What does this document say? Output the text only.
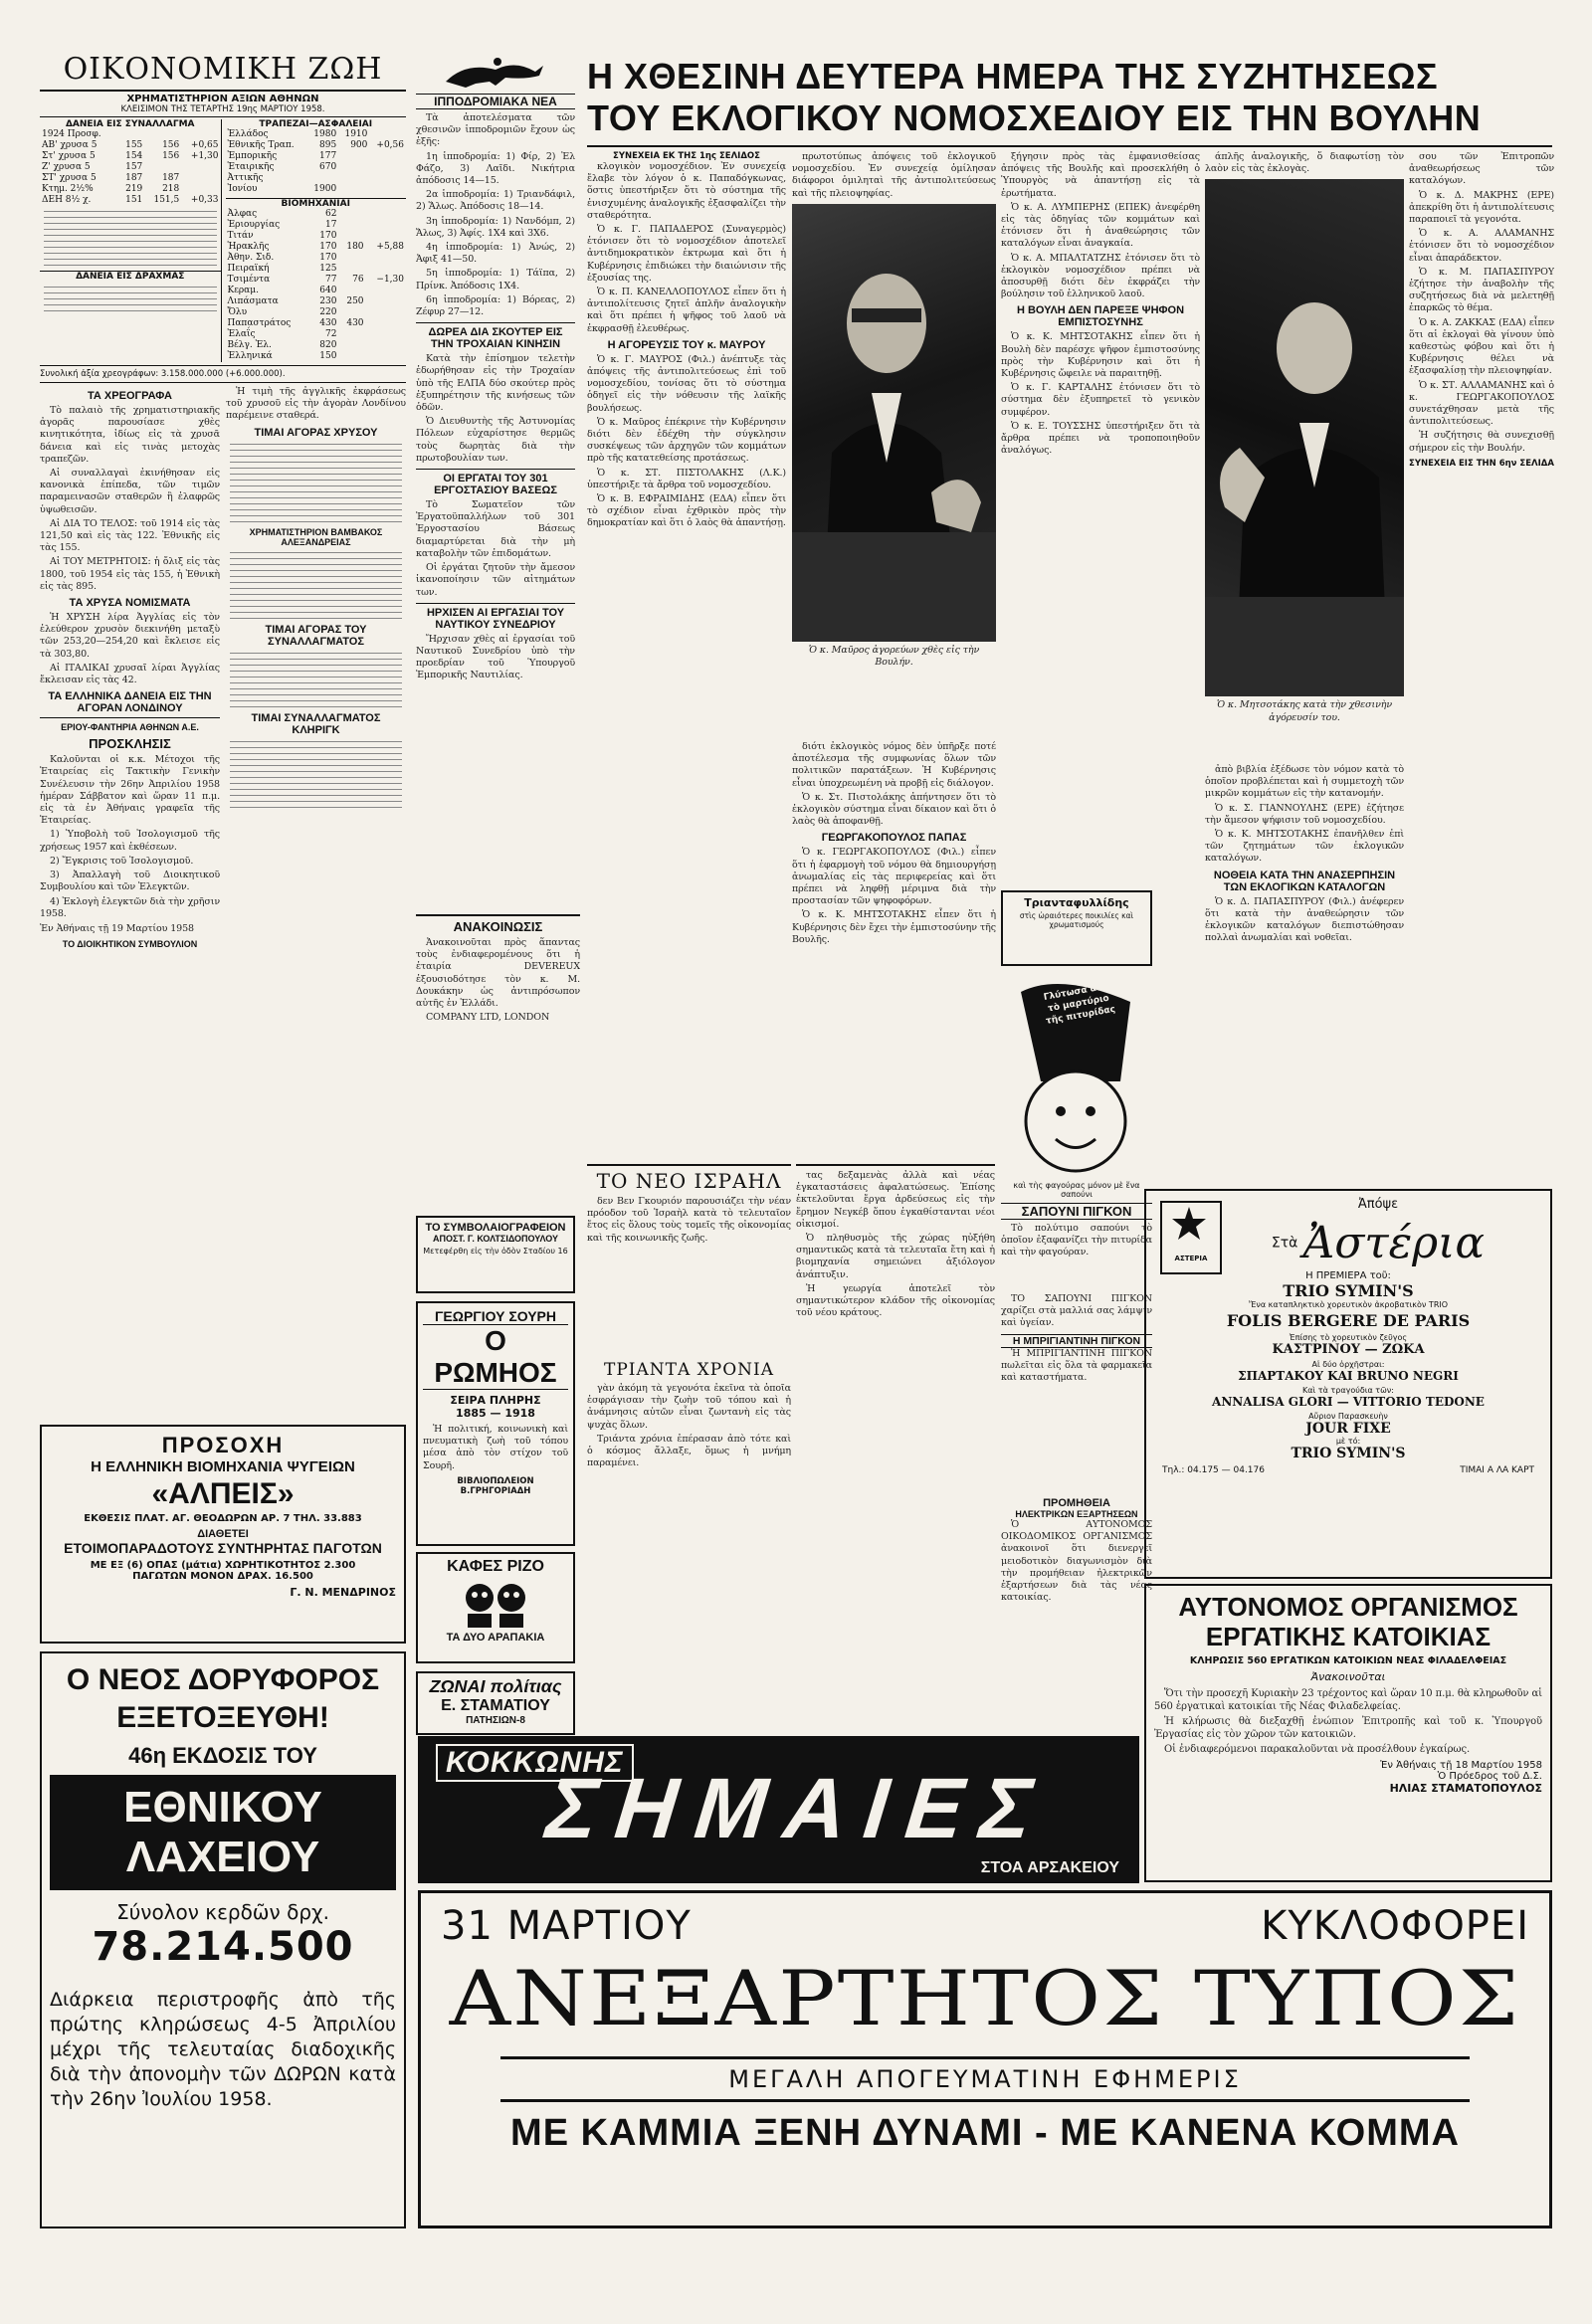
ΟΙΚΟΝΟΜΙΚΗ ΖΩΗ
ΧΡΗΜΑΤΙΣΤΗΡΙΟΝ ΑΞΙΩΝ ΑΘΗΝΩΝ
ΚΛΕΙΣΙΜΟΝ ΤΗΣ ΤΕΤΑΡΤΗΣ 19ης ΜΑΡΤΙΟΥ 1958.
ΔΑΝΕΙΑ ΕΙΣ ΣΥΝΑΛΛΑΓΜΑ
1924 Προσφ.			
ΑΒ' χρυσα 5	155	156	+0,65
Στ' χρυσα 5	154	156	+1,30
Ζ' χρυσα 5	157		
ΣΤ' χρυσα 5	187	187	
Κτημ. 2½%	219	218	
ΔΕΗ 8½ χ.	151	151,5	+0,33
ΔΑΝΕΙΑ ΕΙΣ ΔΡΑΧΜΑΣ
ΤΡΑΠΕΖΑΙ—ΑΣΦΑΛΕΙΑΙ
Ἐλλάδος	1980	1910	
Ἐθνικῆς Τραπ.	895	900	+0,56
Ἐμπορικῆς	177		
Ἑταιρικῆς	670		
Ἀττικῆς			
Ἰονίου	1900		
ΒΙΟΜΗΧΑΝΙΑΙ
Ἀλφας	62		
Ἐριουργίας	17		
Τιτάν	170		
Ἡρακλῆς	170	180	+5,88
Ἀθην. Σιδ.	170		
Πειραϊκή	125		
Τσιμέντα	77	76	−1,30
Κεραμ.	640		
Λιπάσματα	230	250	
Ὄλυ	220		
Παπαστράτος	430	430	
Ἐλαΐς	72		
Βέλγ. Ἐλ.	820		
Ἐλληνικά	150		
Συνολική ἀξία χρεογράφων: 3.158.000.000 (+6.000.000).
ΤΑ ΧΡΕΟΓΡΑΦΑ

Τὸ παλαιὸ τῆς χρηματιστηριακῆς ἀγορᾶς παρουσίασε χθὲς κινητικότητα, ἰδίως εἰς τὰ χρυσᾶ δάνεια καὶ εἰς τινὰς μετοχὰς τραπεζῶν.

Αἱ συναλλαγαὶ ἐκινήθησαν εἰς κανονικὰ ἐπίπεδα, τῶν τιμῶν παραμεινασῶν σταθερῶν ἢ ἐλαφρῶς ὑψωθεισῶν.

Αἱ ΔΙΑ ΤΟ ΤΕΛΟΣ: τοῦ 1914 εἰς τὰς 121,50 καὶ εἰς τὰς 122. Ἐθνικῆς εἰς τὰς 155.

Αἱ ΤΟΥ ΜΕΤΡΗΤΟΙΣ: ἡ ὄλιξ εἰς τὰς 1800, τοῦ 1954 εἰς τὰς 155, ἡ Ἐθνικὴ εἰς τὰς 895.

ΤΑ ΧΡΥΣΑ ΝΟΜΙΣΜΑΤΑ

Ἡ ΧΡΥΣΗ λίρα Ἀγγλίας εἰς τὸν ἐλεύθερον χρυσὸν διεκινήθη μεταξὺ τῶν 253,20—254,20 καὶ ἔκλεισε εἰς τὰ 303,80.

Αἱ ΙΤΑΛΙΚΑΙ χρυσαῖ λίραι Ἀγγλίας ἔκλεισαν εἰς τὰς 42.

ΤΑ ΕΛΛΗΝΙΚΑ ΔΑΝΕΙΑ ΕΙΣ ΤΗΝ ΑΓΟΡΑΝ ΛΟΝΔΙΝΟΥ
ΕΡΙΟΥ-ΦΑΝΤΗΡΙΑ ΑΘΗΝΩΝ Α.Ε.
ΠΡΟΣΚΛΗΣΙΣ

Καλοῦνται οἱ κ.κ. Μέτοχοι τῆς Ἑταιρείας εἰς Τακτικὴν Γενικὴν Συνέλευσιν τὴν 26ην Ἀπριλίου 1958 ἡμέραν Σάββατον καὶ ὥραν 11 π.μ. εἰς τὰ ἐν Ἀθήναις γραφεῖα τῆς Ἑταιρείας.

1) Ὑποβολὴ τοῦ Ἰσολογισμοῦ τῆς χρήσεως 1957 καὶ ἐκθέσεων.

2) Ἔγκρισις τοῦ Ἰσολογισμοῦ.

3) Ἀπαλλαγὴ τοῦ Διοικητικοῦ Συμβουλίου καὶ τῶν Ἐλεγκτῶν.

4) Ἐκλογὴ ἐλεγκτῶν διὰ τὴν χρῆσιν 1958.

Ἐν Ἀθήναις τῇ 19 Μαρτίου 1958
ΤΟ ΔΙΟΙΚΗΤΙΚΟΝ ΣΥΜΒΟΥΛΙΟΝ

Ἡ τιμὴ τῆς ἀγγλικῆς ἐκφράσεως τοῦ χρυσοῦ εἰς τὴν ἀγορὰν Λονδίνου παρέμεινε σταθερά.

ΤΙΜΑΙ ΑΓΟΡΑΣ ΧΡΥΣΟΥ
ΧΡΗΜΑΤΙΣΤΗΡΙΟΝ ΒΑΜΒΑΚΟΣ ΑΛΕΞΑΝΔΡΕΙΑΣ
ΤΙΜΑΙ ΑΓΟΡΑΣ ΤΟΥ ΣΥΝΑΛΛΑΓΜΑΤΟΣ
ΤΙΜΑΙ ΣΥΝΑΛΛΑΓΜΑΤΟΣ ΚΛΗΡΙΓΚ
ΠΡΟΣΟΧΗ
Η ΕΛΛΗΝΙΚΗ ΒΙΟΜΗΧΑΝΙΑ ΨΥΓΕΙΩΝ
«ΑΛΠΕΙΣ»
ΕΚΘΕΣΙΣ ΠΛΑΤ. ΑΓ. ΘΕΟΔΩΡΩΝ ΑΡ. 7 ΤΗΛ. 33.883
ΔΙΑΘΕΤΕΙ
ΕΤΟΙΜΟΠΑΡΑΔΟΤΟΥΣ ΣΥΝΤΗΡΗΤΑΣ ΠΑΓΟΤΩΝ
ΜΕ ΕΞ (6) ΟΠΑΣ (μάτια) ΧΩΡΗΤΙΚΟΤΗΤΟΣ 2.300 ΠΑΓΩΤΩΝ ΜΟΝΟΝ ΔΡΑΧ. 16.500
Γ. Ν. ΜΕΝΔΡΙΝΟΣ
Ο ΝΕΟΣ ΔΟΡΥΦΟΡΟΣ
ΕΞΕΤΟΞΕΥΘΗ!
46η ΕΚΔΟΣΙΣ ΤΟΥ
ΕΘΝΙΚΟΥ ΛΑΧΕΙΟΥ
Σύνολον κερδῶν δρχ.
78.214.500
Διάρκεια περιστροφῆς ἀπὸ τῆς πρώτης κληρώσεως 4-5 Ἀπριλίου μέχρι τῆς τελευταίας διαδοχικῆς διὰ τὴν ἀπονομὴν τῶν ΔΩΡΩΝ κατὰ τὴν 26ην Ἰουλίου 1958.
ΙΠΠΟΔΡΟΜΙΑΚΑ ΝΕΑ

Τὰ ἀποτελέσματα τῶν χθεσινῶν ἱπποδρομιῶν ἔχουν ὡς ἑξῆς:

1η ἱπποδρομία: 1) Φίρ, 2) Ἐλ Φάζο, 3) Λαῖδι. Νικήτρια ἀπόδοσις 14—15.

2α ἱπποδρομία: 1) Τριανδάφιλ, 2) Ἅλως. Ἀπόδοσις 18—14.

3η ἱπποδρομία: 1) Νανδόμπ, 2) Ἄλως, 3) Ἀφίς. 1Χ4 καὶ 3Χ6.

4η ἱπποδρομία: 1) Ἀνώς, 2) Ἀφιξ 41—50.

5η ἱπποδρομία: 1) Τάϊπα, 2) Πρίνκ. Ἀπόδοσις 1Χ4.

6η ἱπποδρομία: 1) Βόρεας, 2) Ζέφυρ 27—12.

ΔΩΡΕΑ ΔΙΑ ΣΚΟΥΤΕΡ ΕΙΣ ΤΗΝ ΤΡΟΧΑΙΑΝ ΚΙΝΗΣΙΝ

Κατὰ τὴν ἐπίσημον τελετὴν ἐδωρήθησαν εἰς τὴν Τροχαίαν ὑπὸ τῆς ΕΛΠΑ δύο σκούτερ πρὸς ἐξυπηρέτησιν τῆς κινήσεως τῶν ὁδῶν.

Ὁ Διευθυντὴς τῆς Ἀστυνομίας Πόλεων εὐχαρίστησε θερμῶς τοὺς δωρητὰς διὰ τὴν πρωτοβουλίαν των.

ΟΙ ΕΡΓΑΤΑΙ ΤΟΥ 301 ΕΡΓΟΣΤΑΣΙΟΥ ΒΑΣΕΩΣ

Τὸ Σωματεῖον τῶν Ἐργατοϋπαλλήλων τοῦ 301 Ἐργοστασίου Βάσεως διαμαρτύρεται διὰ τὴν μὴ καταβολὴν τῶν ἐπιδομάτων.

Οἱ ἐργάται ζητοῦν τὴν ἄμεσον ἱκανοποίησιν τῶν αἰτημάτων των.

ΗΡΧΙΣΕΝ ΑΙ ΕΡΓΑΣΙΑΙ ΤΟΥ ΝΑΥΤΙΚΟΥ ΣΥΝΕΔΡΙΟΥ

Ἤρχισαν χθὲς αἱ ἐργασίαι τοῦ Ναυτικοῦ Συνεδρίου ὑπὸ τὴν προεδρίαν τοῦ Ὑπουργοῦ Ἐμπορικῆς Ναυτιλίας.

ΑΝΑΚΟΙΝΩΣΙΣ

Ἀνακοινοῦται πρὸς ἅπαντας τοὺς ἐνδιαφερομένους ὅτι ἡ ἐταιρία DEVEREUX ἐξουσιοδότησε τὸν κ. Μ. Δουκάκην ὡς ἀντιπρόσωπον αὐτῆς ἐν Ἑλλάδι.

COMPANY LTD, LONDON

ΤΟ ΣΥΜΒΟΛΑΙΟΓΡΑΦΕΙΟΝ
ΑΠΟΣΤ. Γ. ΚΟΛΤΣΙΔΟΠΟΥΛΟΥ
Μετεφέρθη εἰς τὴν ὁδὸν Σταδίου 16
ΓΕΩΡΓΙΟΥ ΣΟΥΡΗ
Ο ΡΩΜΗΟΣ
ΣΕΙΡΑ ΠΛΗΡΗΣ
1885 — 1918

Ἡ πολιτική, κοινωνικὴ καὶ πνευματικὴ ζωὴ τοῦ τόπου μέσα ἀπὸ τὸν στίχον τοῦ Σουρῆ.

ΒΙΒΛΙΟΠΩΛΕΙΟΝ Β.ΓΡΗΓΟΡΙΑΔΗ
ΚΑΦΕΣ ΡΙΖΟ
ΤΑ ΔΥΟ ΑΡΑΠΑΚΙΑ
ΖΩΝΑΙ πολίτιας
Ε. ΣΤΑΜΑΤΙΟΥ
ΠΑΤΗΣΙΩΝ-8
Η ΧΘΕΣΙΝΗ ΔΕΥΤΕΡΑ ΗΜΕΡΑ ΤΗΣ ΣΥΖΗΤΗΣΕΩΣ
ΤΟΥ ΕΚΛΟΓΙΚΟΥ ΝΟΜΟΣΧΕΔΙΟΥ ΕΙΣ ΤΗΝ ΒΟΥΛΗΝ
ΣΥΝΕΧΕΙΑ ΕΚ ΤΗΣ 1ης ΣΕΛΙΔΟΣ

κλογικὸν νομοσχέδιον. Ἐν συνεχείᾳ ἔλαβε τὸν λόγον ὁ κ. Παπαδόγκωνας, ὅστις ὑπεστήριξεν ὅτι τὸ σύστημα τῆς ἐνισχυμένης ἀναλογικῆς ἐξασφαλίζει τὴν σταθερότητα.

Ὁ κ. Γ. ΠΑΠΑΔΕΡΟΣ (Συναγερμὸς) ἐτόνισεν ὅτι τὸ νομοσχέδιον ἀποτελεῖ ἀντιδημοκρατικὸν ἐκτρωμα καὶ ὅτι ἡ Κυβέρνησις ἐπιδιώκει τὴν διαιώνισιν τῆς ἐξουσίας της.

Ὁ κ. Π. ΚΑΝΕΛΛΟΠΟΥΛΟΣ εἶπεν ὅτι ἡ ἀντιπολίτευσις ζητεῖ ἁπλῆν ἀναλογικὴν καὶ ὅτι πρέπει ἡ ψῆφος τοῦ λαοῦ νὰ ἐκφρασθῇ ἐλευθέρως.

Η ΑΓΟΡΕΥΣΙΣ ΤΟΥ κ. ΜΑΥΡΟΥ

Ὁ κ. Γ. ΜΑΥΡΟΣ (Φιλ.) ἀνέπτυξε τὰς ἀπόψεις τῆς ἀντιπολιτεύσεως ἐπὶ τοῦ νομοσχεδίου, τονίσας ὅτι τὸ σύστημα ὁδηγεῖ εἰς τὴν νόθευσιν τῆς λαϊκῆς βουλήσεως.

Ὁ κ. Μαῦρος ἐπέκρινε τὴν Κυβέρνησιν διότι δὲν ἐδέχθη τὴν σύγκλησιν συσκέψεως τῶν ἀρχηγῶν τῶν κομμάτων πρὸ τῆς κατατεθείσης προτάσεως.

Ὁ κ. ΣΤ. ΠΙΣΤΟΛΑΚΗΣ (Λ.Κ.) ὑπεστήριξε τὰ ἄρθρα τοῦ νομοσχεδίου.

Ὁ κ. Β. ΕΦΡΑΙΜΙΔΗΣ (ΕΔΑ) εἶπεν ὅτι τὸ σχέδιον εἶναι ἐχθρικὸν πρὸς τὴν δημοκρατίαν καὶ ὅτι ὁ λαὸς θὰ ἀπαντήσῃ.

πρωτοτύπως ἀπόψεις τοῦ ἐκλογικοῦ νομοσχεδίου. Ἐν συνεχείᾳ ὁμίλησαν διάφοροι ὁμιληταὶ τῆς ἀντιπολιτεύσεως καὶ τῆς πλειοψηφίας.

Ὁ κ. Μαῦρος ἀγορεύων χθὲς εἰς τὴν Βουλήν.

διότι ἐκλογικὸς νόμος δὲν ὑπῆρξε ποτέ ἀποτέλεσμα τῆς συμφωνίας ὅλων τῶν πολιτικῶν παρατάξεων. Ἡ Κυβέρνησις εἶναι ὑποχρεωμένη νὰ προβῇ εἰς διάλογον.

Ὁ κ. Στ. Πιστολάκης ἀπήντησεν ὅτι τὸ ἐκλογικὸν σύστημα εἶναι δίκαιον καὶ ὅτι ὁ λαὸς θὰ ἀποφανθῇ.

ΓΕΩΡΓΑΚΟΠΟΥΛΟΣ ΠΑΠΑΣ

Ὁ κ. ΓΕΩΡΓΑΚΟΠΟΥΛΟΣ (Φιλ.) εἶπεν ὅτι ἡ ἐφαρμογὴ τοῦ νόμου θὰ δημιουργήσῃ ἀνωμαλίας εἰς τὰς περιφερείας καὶ ὅτι πρέπει νὰ ληφθῇ μέριμνα διὰ τὴν προστασίαν τῶν ψηφοφόρων.

Ὁ κ. Κ. ΜΗΤΣΟΤΑΚΗΣ εἶπεν ὅτι ἡ Κυβέρνησις δὲν ἔχει τὴν ἐμπιστοσύνην τῆς Βουλῆς.

ξήγησιν πρὸς τὰς ἐμφανισθείσας ἀπόψεις τῆς Βουλῆς καὶ προσεκλήθη ὁ Ὑπουργὸς νὰ ἀπαντήσῃ εἰς τὰ ἐρωτήματα.

Ὁ κ. Α. ΛΥΜΠΕΡΗΣ (ΕΠΕΚ) ἀνεφέρθη εἰς τὰς ὁδηγίας τῶν κομμάτων καὶ ἐτόνισεν ὅτι ἡ ἀναθεώρησις τῶν καταλόγων εἶναι ἀναγκαία.

Ὁ κ. Α. ΜΠΑΛΤΑΤΖΗΣ ἐτόνισεν ὅτι τὸ ἐκλογικὸν νομοσχέδιον πρέπει νὰ ἀποσυρθῇ διότι δὲν ἐκφράζει τὴν βούλησιν τοῦ ἑλληνικοῦ λαοῦ.

Η ΒΟΥΛΗ ΔΕΝ ΠΑΡΕΞΕ ΨΗΦΟΝ ΕΜΠΙΣΤΟΣΥΝΗΣ

Ὁ κ. Κ. ΜΗΤΣΟΤΑΚΗΣ εἶπεν ὅτι ἡ Βουλὴ δὲν παρέσχε ψῆφον ἐμπιστοσύνης πρὸς τὴν Κυβέρνησιν καὶ ὅτι ἡ Κυβέρνησις ὤφειλε νὰ παραιτηθῇ.

Ὁ κ. Γ. ΚΑΡΤΑΛΗΣ ἐτόνισεν ὅτι τὸ σύστημα δὲν ἐξυπηρετεῖ τὸ γενικὸν συμφέρον.

Ὁ κ. Ε. ΤΟΥΣΣΗΣ ὑπεστήριξεν ὅτι τὰ ἄρθρα πρέπει νὰ τροποποιηθοῦν ἀναλόγως.

άπλῆς ἀναλογικῆς, ὅ διαφωτίσῃ τὸν λαὸν εἰς τὰς ἐκλογὰς.

Ὁ κ. Μητσοτάκης κατὰ τὴν χθεσινὴν ἀγόρευσίν του.

ἀπὸ βιβλία ἐξέδωσε τὸν νόμον κατὰ τὸ ὁποῖον προβλέπεται καὶ ἡ συμμετοχὴ τῶν μικρῶν κομμάτων εἰς τὴν κατανομήν.

Ὁ κ. Σ. ΓΙΑΝΝΟΥΛΗΣ (ΕΡΕ) ἐζήτησε τὴν ἄμεσον ψήφισιν τοῦ νομοσχεδίου.

Ὁ κ. Κ. ΜΗΤΣΟΤΑΚΗΣ ἐπανῆλθεν ἐπὶ τῶν ζητημάτων τῶν ἐκλογικῶν καταλόγων.

ΝΟΘΕΙΑ ΚΑΤΑ ΤΗΝ ΑΝΑΣΕΡΠΗΣΙΝ ΤΩΝ ΕΚΛΟΓΙΚΩΝ ΚΑΤΑΛΟΓΩΝ

Ὁ κ. Δ. ΠΑΠΑΣΠΥΡΟΥ (Φιλ.) ἀνέφερεν ὅτι κατὰ τὴν ἀναθεώρησιν τῶν ἐκλογικῶν καταλόγων διεπιστώθησαν πολλαὶ ἀνωμαλίαι καὶ νοθεῖαι.

σου τῶν Ἐπιτροπῶν ἀναθεωρήσεως τῶν καταλόγων.

Ὁ κ. Δ. ΜΑΚΡΗΣ (ΕΡΕ) ἀπεκρίθη ὅτι ἡ ἀντιπολίτευσις παραποιεῖ τὰ γεγονότα.

Ὁ κ. Α. ΑΛΑΜΑΝΗΣ ἐτόνισεν ὅτι τὸ νομοσχέδιον εἶναι ἀπαράδεκτον.

Ὁ κ. Μ. ΠΑΠΑΣΠΥΡΟΥ ἐζήτησε τὴν ἀναβολὴν τῆς συζητήσεως διὰ νὰ μελετηθῇ ἐπαρκῶς τὸ θέμα.

Ὁ κ. Α. ΖΑΚΚΑΣ (ΕΔΑ) εἶπεν ὅτι αἱ ἐκλογαὶ θὰ γίνουν ὑπὸ καθεστὼς φόβου καὶ ὅτι ἡ Κυβέρνησις θέλει νὰ ἐξασφαλίσῃ τὴν πλειοψηφίαν.

Ὁ κ. ΣΤ. ΑΛΛΑΜΑΝΗΣ καὶ ὁ κ. ΓΕΩΡΓΑΚΟΠΟΥΛΟΣ συνετάχθησαν μετὰ τῆς ἀντιπολιτεύσεως.

Ἡ συζήτησις θὰ συνεχισθῇ σήμερον εἰς τὴν Βουλήν.

ΣΥΝΕΧΕΙΑ ΕΙΣ ΤΗΝ 6ην ΣΕΛΙΔΑ
ΤΟ ΝΕΟ ΙΣΡΑΗΛ

δεν Βεν Γκουριόν παρουσιάζει τὴν νέαν πρόοδον τοῦ Ἰσραὴλ κατὰ τὸ τελευταῖον ἔτος εἰς ὅλους τοὺς τομεῖς τῆς οἰκονομίας καὶ τῆς κοινωνικῆς ζωῆς.

ΤΡΙΑΝΤΑ ΧΡΟΝΙΑ

γὰν ἀκόμη τὰ γεγονότα ἐκεῖνα τὰ ὁποῖα ἐσφράγισαν τὴν ζωὴν τοῦ τόπου καὶ ἡ ἀνάμνησις αὐτῶν εἶναι ζωντανὴ εἰς τὰς ψυχὰς ὅλων.

Τριάντα χρόνια ἐπέρασαν ἀπὸ τότε καὶ ὁ κόσμος ἄλλαξε, ὅμως ἡ μνήμη παραμένει.

τας δεξαμενὰς ἀλλὰ καὶ νέας ἐγκαταστάσεις ἀφαλατώσεως. Ἐπίσης ἐκτελοῦνται ἔργα ἀρδεύσεως εἰς τὴν ἔρημον Νεγκέβ ὅπου ἐγκαθίστανται νέοι οἰκισμοί.

Ὁ πληθυσμὸς τῆς χώρας ηὐξήθη σημαντικῶς κατὰ τὰ τελευταῖα ἔτη καὶ ἡ βιομηχανία σημειώνει ἀξιόλογον ἀνάπτυξιν.

Ἡ γεωργία ἀποτελεῖ τὸν σημαντικώτερον κλάδον τῆς οἰκονομίας τοῦ νέου κράτους.

Τριανταφυλλίδης
στὶς ὡραιότερες ποικιλίες καὶ χρωματισμούς
Γλύτωσα ἀπὸ τὸ μαρτύριο τῆς πιτυρίδας
καὶ τὴς φαγούρας μόνον μὲ ἕνα σαπούνι
ΣΑΠΟΥΝΙ ΠΙΓΚΟΝ

Τὸ πολύτιμο σαπούνι τὸ ὁποῖον ἐξαφανίζει τὴν πιτυρίδα καὶ τὴν φαγούραν.

ΤΟ ΣΑΠΟΥΝΙ ΠΙΓΚΟΝ χαρίζει στὰ μαλλιά σας λάμψιν καὶ ὑγείαν.

Η ΜΠΡΙΓΙΑΝΤΙΝΗ ΠΙΓΚΟΝ

Ἡ ΜΠΡΙΓΙΑΝΤΙΝΗ ΠΙΓΚΟΝ πωλεῖται εἰς ὅλα τὰ φαρμακεῖα καὶ καταστήματα.

ΠΡΟΜΗΘΕΙΑ
ΗΛΕΚΤΡΙΚΩΝ ΕΞΑΡΤΗΣΕΩΝ

Ὁ ΑΥΤΟΝΟΜΟΣ ΟΙΚΟΔΟΜΙΚΟΣ ΟΡΓΑΝΙΣΜΟΣ ἀνακοινοῖ ὅτι διενεργεῖ μειοδοτικὸν διαγωνισμὸν διὰ τὴν προμήθειαν ἠλεκτρικῶν ἐξαρτήσεων διὰ τὰς νέας κατοικίας.

ΑΣΤΕΡΙΑ
Ἀπόψε
Στὰ Ἀστέρια
Η ΠΡΕΜΙΕΡΑ τοῦ:
TRIO SYMIN'S
Ἕνα καταπληκτικὸ χορευτικὸν ἀκροβατικὸν TRIO
FOLIS BERGERE DE PARIS
Ἐπίσης τὸ χορευτικὸν ζεῦγος
ΚΑΣΤΡΙΝΟΥ — ΖΩΚΑ
Αἱ δύο ὀρχῆστραι:
ΣΠΑΡΤΑΚΟΥ ΚΑΙ BRUNO NEGRI
Καὶ τὰ τραγούδια τῶν:
ANNALISA GLORI — VITTORIO TEDONE
Αὔριον Παρασκευὴν
JOUR FIXE
μὲ τό:
TRIO SYMIN'S
Τηλ.: 04.175 — 04.176	ΤΙΜΑΙ Α ΛΑ ΚΑΡΤ
ΑΥΤΟΝΟΜΟΣ ΟΡΓΑΝΙΣΜΟΣ
ΕΡΓΑΤΙΚΗΣ ΚΑΤΟΙΚΙΑΣ
ΚΛΗΡΩΣΙΣ 560 ΕΡΓΑΤΙΚΩΝ ΚΑΤΟΙΚΙΩΝ ΝΕΑΣ ΦΙΛΑΔΕΛΦΕΙΑΣ
Ἀνακοινοῦται

Ὅτι τὴν προσεχῆ Κυριακὴν 23 τρέχοντος καὶ ὥραν 10 π.μ. θὰ κληρωθοῦν αἱ 560 ἐργατικαὶ κατοικίαι τῆς Νέας Φιλαδελφείας.

Ἡ κλήρωσις θὰ διεξαχθῇ ἐνώπιον Ἐπιτροπῆς καὶ τοῦ κ. Ὑπουργοῦ Ἐργασίας εἰς τὸν χῶρον τῶν κατοικιῶν.

Οἱ ἐνδιαφερόμενοι παρακαλοῦνται νὰ προσέλθουν ἐγκαίρως.

Ἐν Ἀθήναις τῇ 18 Μαρτίου 1958
Ὁ Πρόεδρος τοῦ Δ.Σ.
ΗΛΙΑΣ ΣΤΑΜΑΤΟΠΟΥΛΟΣ
ΚΟΚΚΩΝΗΣ
ΣΗΜΑΙΕΣ
ΣΤΟΑ ΑΡΣΑΚΕΙΟΥ
31 ΜΑΡΤΙΟΥ	ΚΥΚΛΟΦΟΡΕΙ
ΑΝΕΞΑΡΤΗΤΟΣ ΤΥΠΟΣ
ΜΕΓΑΛΗ ΑΠΟΓΕΥΜΑΤΙΝΗ ΕΦΗΜΕΡΙΣ
ΜΕ ΚΑΜΜΙΑ ΞΕΝΗ ΔΥΝΑΜΙ - ΜΕ ΚΑΝΕΝΑ ΚΟΜΜΑ
